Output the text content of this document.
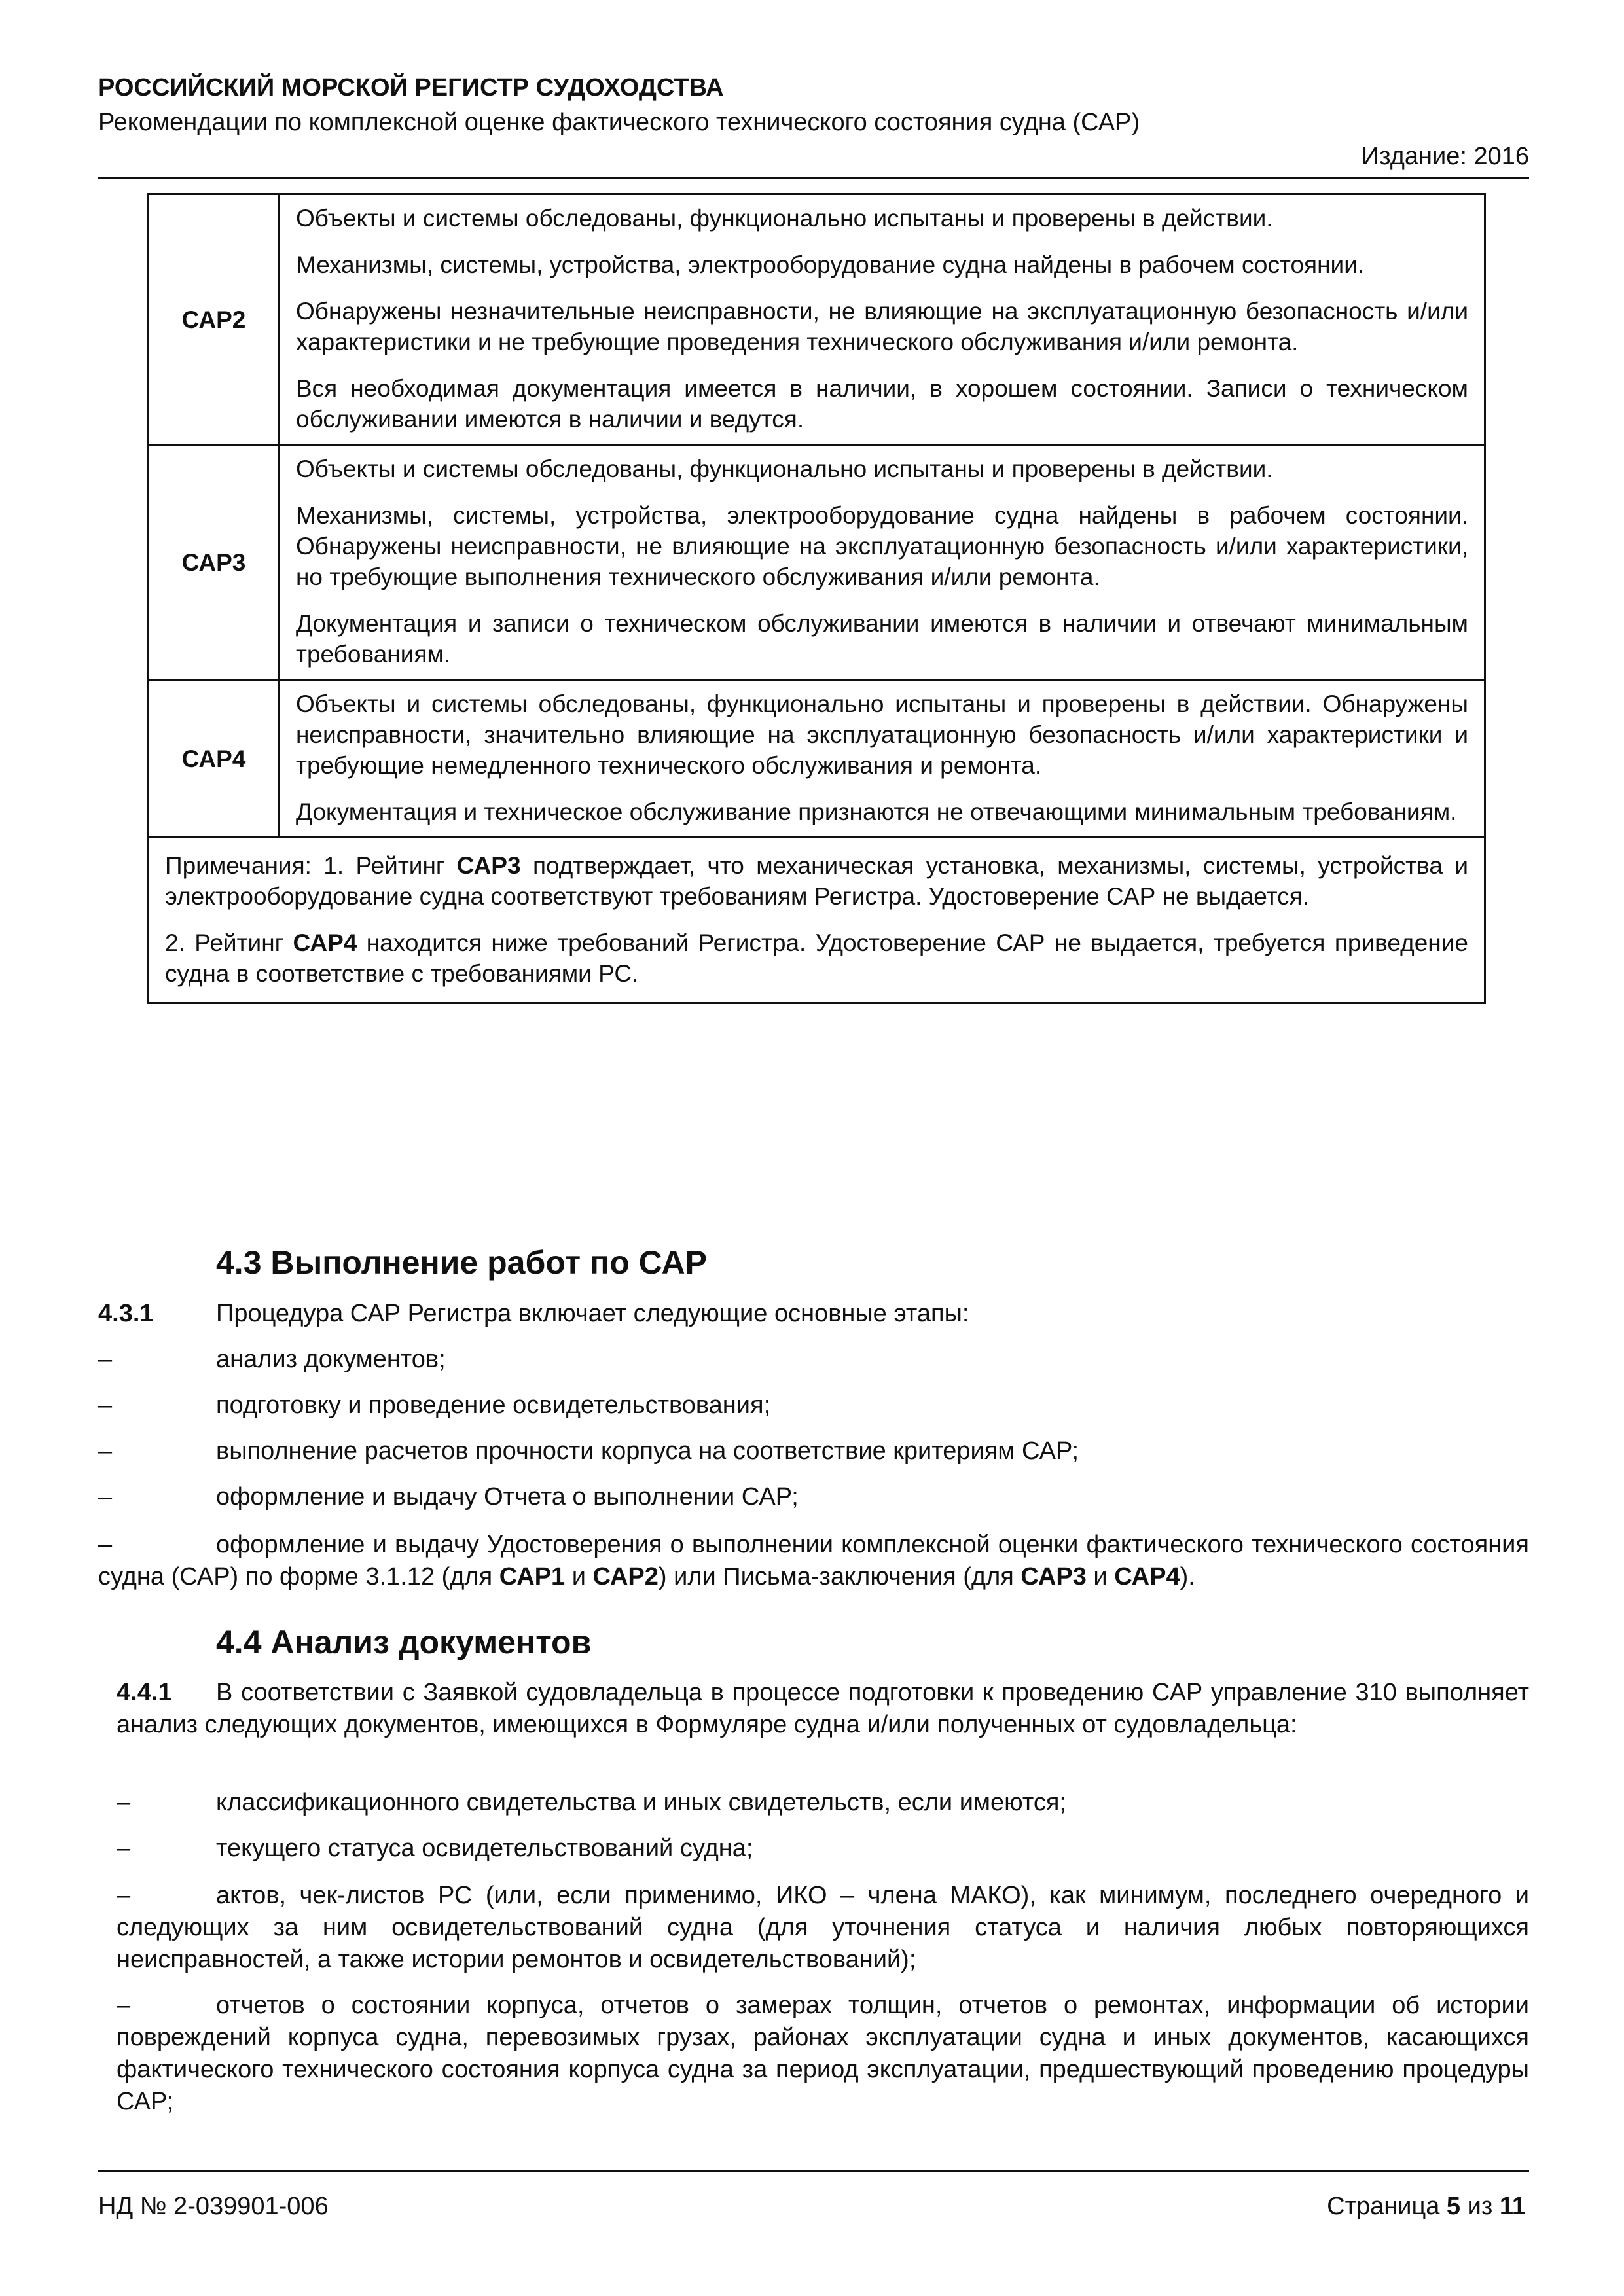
РОССИЙСКИЙ МОРСКОЙ РЕГИСТР СУДОХОДСТВА
Рекомендации по комплексной оценке фактического технического состояния судна (САР)
Издание: 2016
САР2	Объекты и системы обследованы, функционально испытаны и проверены в действии.

Механизмы, системы, устройства, электрооборудование судна найдены в рабочем состоянии.

Обнаружены незначительные неисправности, не влияющие на эксплуатационную безопасность и/или характеристики и не требующие проведения технического обслуживания и/или ремонта.

Вся необходимая документация имеется в наличии, в хорошем состоянии. Записи о техническом обслуживании имеются в наличии и ведутся.

САР3	Объекты и системы обследованы, функционально испытаны и проверены в действии.

Механизмы, системы, устройства, электрооборудование судна найдены в рабочем состоянии. Обнаружены неисправности, не влияющие на эксплуатационную безопасность и/или характеристики, но требующие выполнения технического обслуживания и/или ремонта.

Документация и записи о техническом обслуживании имеются в наличии и отвечают минимальным требованиям.

САР4	Объекты и системы обследованы, функционально испытаны и проверены в действии. Обнаружены неисправности, значительно влияющие на эксплуатационную безопасность и/или характеристики и требующие немедленного технического обслуживания и ремонта.

Документация и техническое обслуживание признаются не отвечающими минимальным требованиям.

Примечания: 1. Рейтинг САР3 подтверждает, что механическая установка, механизмы, системы, устройства и электрооборудование судна соответствуют требованиям Регистра. Удостоверение САР не выдается.

2. Рейтинг САР4 находится ниже требований Регистра. Удостоверение САР не выдается, требуется приведение судна в соответствие с требованиями РС.	

4.3 Выполнение работ по САР
4.3.1	Процедура САР Регистра включает следующие основные этапы:
–	анализ документов;
–	подготовку и проведение освидетельствования;
–	выполнение расчетов прочности корпуса на соответствие критериям САР;
–	оформление и выдачу Отчета о выполнении САР;
–	оформление и выдачу Удостоверения о выполнении комплексной оценки фактического технического состояния судна (САР) по форме 3.1.12 (для САР1 и САР2) или Письма-заключения (для САР3 и САР4).
4.4 Анализ документов
4.4.1 В соответствии с Заявкой судовладельца в процессе подготовки к проведению САР управление 310 выполняет анализ следующих документов, имеющихся в Формуляре судна и/или полученных от судовладельца:
–	классификационного свидетельства и иных свидетельств, если имеются;
–	текущего статуса освидетельствований судна;
–	актов, чек-листов РС (или, если применимо, ИКО – члена МАКО), как минимум, последнего очередного и следующих за ним освидетельствований судна (для уточнения статуса и наличия любых повторяющихся неисправностей, а также истории ремонтов и освидетельствований);
–	отчетов о состоянии корпуса, отчетов о замерах толщин, отчетов о ремонтах, информации об истории повреждений корпуса судна, перевозимых грузах, районах эксплуатации судна и иных документов, касающихся фактического технического состояния корпуса судна за период эксплуатации, предшествующий проведению процедуры САР;
НД № 2-039901-006	Страница 5 из 11
